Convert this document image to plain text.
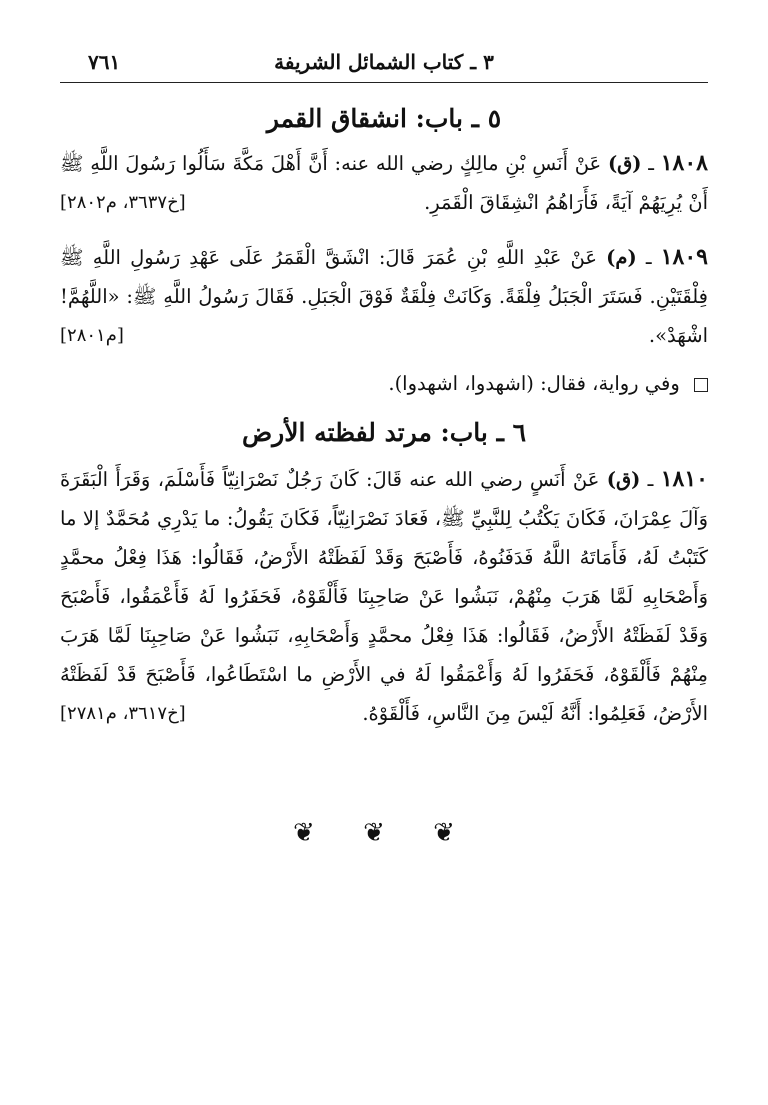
٣ ـ كتاب الشمائل الشريفة
٧٦١
٥ ـ باب: انشقاق القمر
١٨٠٨ ـ (ق) عَنْ أَنَسِ بْنِ مالِكٍ رضي الله عنه: أَنَّ أَهْلَ مَكَّةَ سَأَلُوا رَسُولَ اللَّهِ ﷺ أَنْ يُرِيَهُمْ آيَةً، فَأَرَاهُمُ انْشِقَاقَ الْقَمَرِ.
[خ٣٦٣٧، م٢٨٠٢]
١٨٠٩ ـ (م) عَنْ عَبْدِ اللَّهِ بْنِ عُمَرَ قَالَ: انْشَقَّ الْقَمَرُ عَلَى عَهْدِ رَسُولِ اللَّهِ ﷺ فِلْقَتَيْنِ. فَسَتَرَ الْجَبَلُ فِلْقَةً. وَكَانَتْ فِلْقَةٌ فَوْقَ الْجَبَلِ. فَقَالَ رَسُولُ اللَّهِ ﷺ: «اللَّهُمَّ! اشْهَدْ».
[م٢٨٠١]
وفي رواية، فقال: (اشهدوا، اشهدوا).
٦ ـ باب: مرتد لفظته الأرض
١٨١٠ ـ (ق) عَنْ أَنَسٍ رضي الله عنه قَالَ: كَانَ رَجُلٌ نَصْرَانِيّاً فَأَسْلَمَ، وَقَرَأَ الْبَقَرَةَ وَآلَ عِمْرَانَ، فَكَانَ يَكْتُبُ لِلنَّبِيِّ ﷺ، فَعَادَ نَصْرَانِيّاً، فَكَانَ يَقُولُ: ما يَدْرِي مُحَمَّدٌ إلا ما كَتَبْتُ لَهُ، فَأَمَاتَهُ اللَّهُ فَدَفَنُوهُ، فَأَصْبَحَ وَقَدْ لَفَظَتْهُ الأَرْضُ، فَقَالُوا: هَذَا فِعْلُ محمَّدٍ وَأَصْحَابِهِ لَمَّا هَرَبَ مِنْهُمْ، نَبَشُوا عَنْ صَاحِبِنَا فَأَلْقَوْهُ، فَحَفَرُوا لَهُ فَأَعْمَقُوا، فَأَصْبَحَ وَقَدْ لَفَظَتْهُ الأَرْضُ، فَقَالُوا: هَذَا فِعْلُ محمَّدٍ وَأَصْحَابِهِ، نَبَشُوا عَنْ صَاحِبِنَا لَمَّا هَرَبَ مِنْهُمْ فَأَلْقَوْهُ، فَحَفَرُوا لَهُ وَأَعْمَقُوا لَهُ في الأَرْضِ ما اسْتَطَاعُوا، فَأَصْبَحَ قَدْ لَفَظَتْهُ الأَرْضُ، فَعَلِمُوا: أَنَّهُ لَيْسَ مِنَ النَّاسِ، فَأَلْقَوْهُ.
[خ٣٦١٧، م٢٧٨١]
❦ ❦ ❦
